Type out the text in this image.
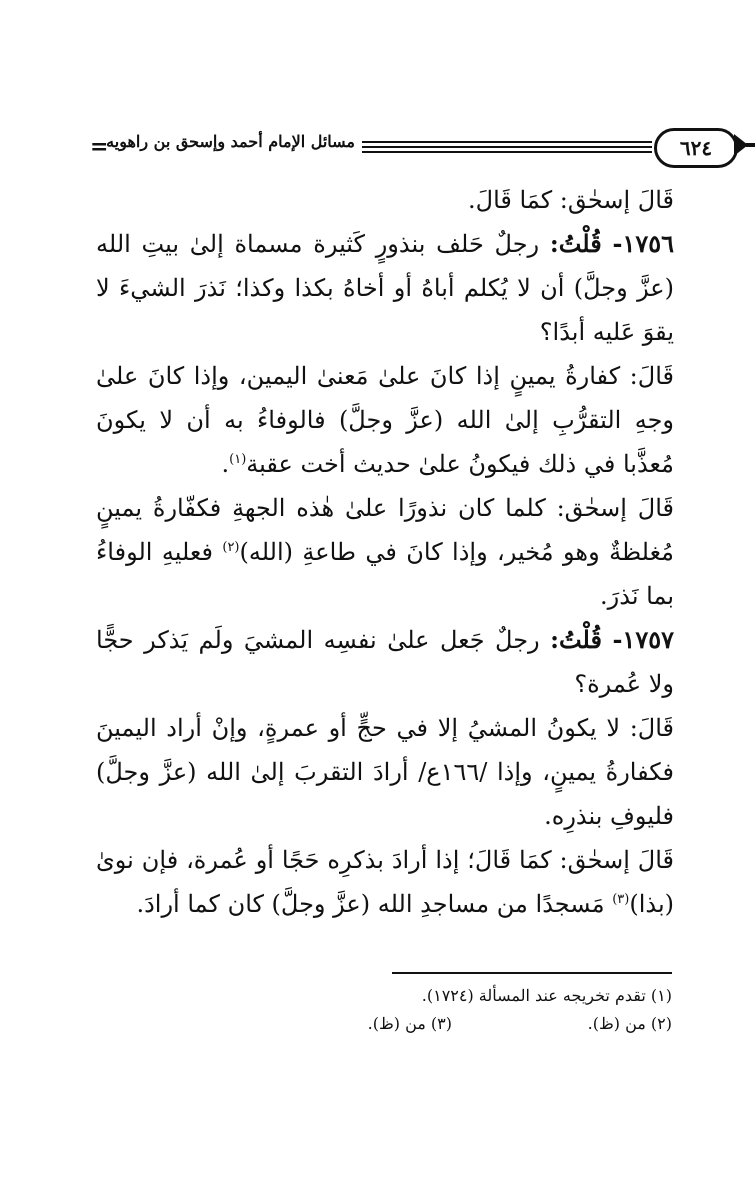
=
مسائل الإمام أحمد وإسحق بن راهويه	٦٢٤

قَالَ إسحٰق: كمَا قَالَ.

١٧٥٦- قُلْتُ: رجلٌ حَلف بنذورٍ كَثيرة مسماة إلىٰ بيتِ الله (عزَّ وجلَّ) أن لا يُكلم أباهُ أو أخاهُ بكذا وكذا؛ نَذرَ الشيءَ لا يقوَ عَليه أبدًا؟

قَالَ: كفارةُ يمينٍ إذا كانَ علىٰ مَعنىٰ اليمين، وإذا كانَ علىٰ وجهِ التقرُّبِ إلىٰ الله (عزَّ وجلَّ) فالوفاءُ به أن لا يكونَ مُعذَّبا في ذلك فيكونُ علىٰ حديث أخت عقبة$^{(١)}$.

قَالَ إسحٰق: كلما كان نذورًا علىٰ هٰذه الجهةِ فكفّارةُ يمينٍ مُغلظةٌ وهو مُخير، وإذا كانَ في طاعةِ (الله)$^{(٢)}$ فعليهِ الوفاءُ بما نَذرَ.

١٧٥٧- قُلْتُ: رجلٌ جَعل علىٰ نفسِه المشيَ ولَم يَذكر حجًّا ولا عُمرة؟

قَالَ: لا يكونُ المشيُ إلا في حجٍّ أو عمرةٍ، وإنْ أراد اليمينَ فكفارةُ يمينٍ، وإذا /١٦٦ع/ أرادَ التقربَ إلىٰ الله (عزَّ وجلَّ) فليوفِ بنذرِه.

قَالَ إسحٰق: كمَا قَالَ؛ إذا أرادَ بذكرِه حَجًا أو عُمرة، فإن نوىٰ (بذا)$^{(٣)}$ مَسجدًا من مساجدِ الله (عزَّ وجلَّ) كان كما أرادَ.

(١) تقدم تخريجه عند المسألة (١٧٢٤).
(٢) من (ظ).
(٣) من (ظ).
